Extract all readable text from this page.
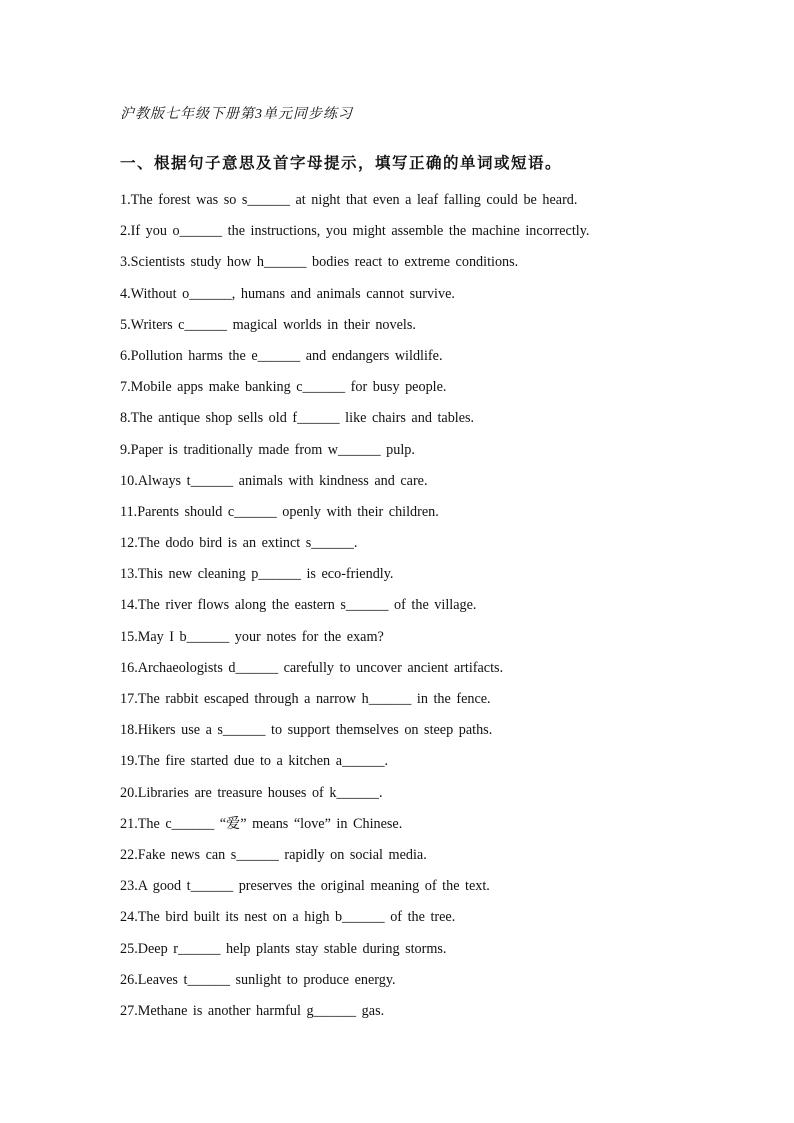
沪教版七年级下册第3单元同步练习
一、根据句子意思及首字母提示，填写正确的单词或短语。
1.The forest was so s______ at night that even a leaf falling could be heard.
2.If you o______ the instructions, you might assemble the machine incorrectly.
3.Scientists study how h______ bodies react to extreme conditions.
4.Without o______, humans and animals cannot survive.
5.Writers c______ magical worlds in their novels.
6.Pollution harms the e______ and endangers wildlife.
7.Mobile apps make banking c______ for busy people.
8.The antique shop sells old f______ like chairs and tables.
9.Paper is traditionally made from w______ pulp.
10.Always t______ animals with kindness and care.
11.Parents should c______ openly with their children.
12.The dodo bird is an extinct s______.
13.This new cleaning p______ is eco-friendly.
14.The river flows along the eastern s______ of the village.
15.May I b______ your notes for the exam?
16.Archaeologists d______ carefully to uncover ancient artifacts.
17.The rabbit escaped through a narrow h______ in the fence.
18.Hikers use a s______ to support themselves on steep paths.
19.The fire started due to a kitchen a______.
20.Libraries are treasure houses of k______.
21.The c______ “爱” means “love” in Chinese.
22.Fake news can s______ rapidly on social media.
23.A good t______ preserves the original meaning of the text.
24.The bird built its nest on a high b______ of the tree.
25.Deep r______ help plants stay stable during storms.
26.Leaves t______ sunlight to produce energy.
27.Methane is another harmful g______ gas.
